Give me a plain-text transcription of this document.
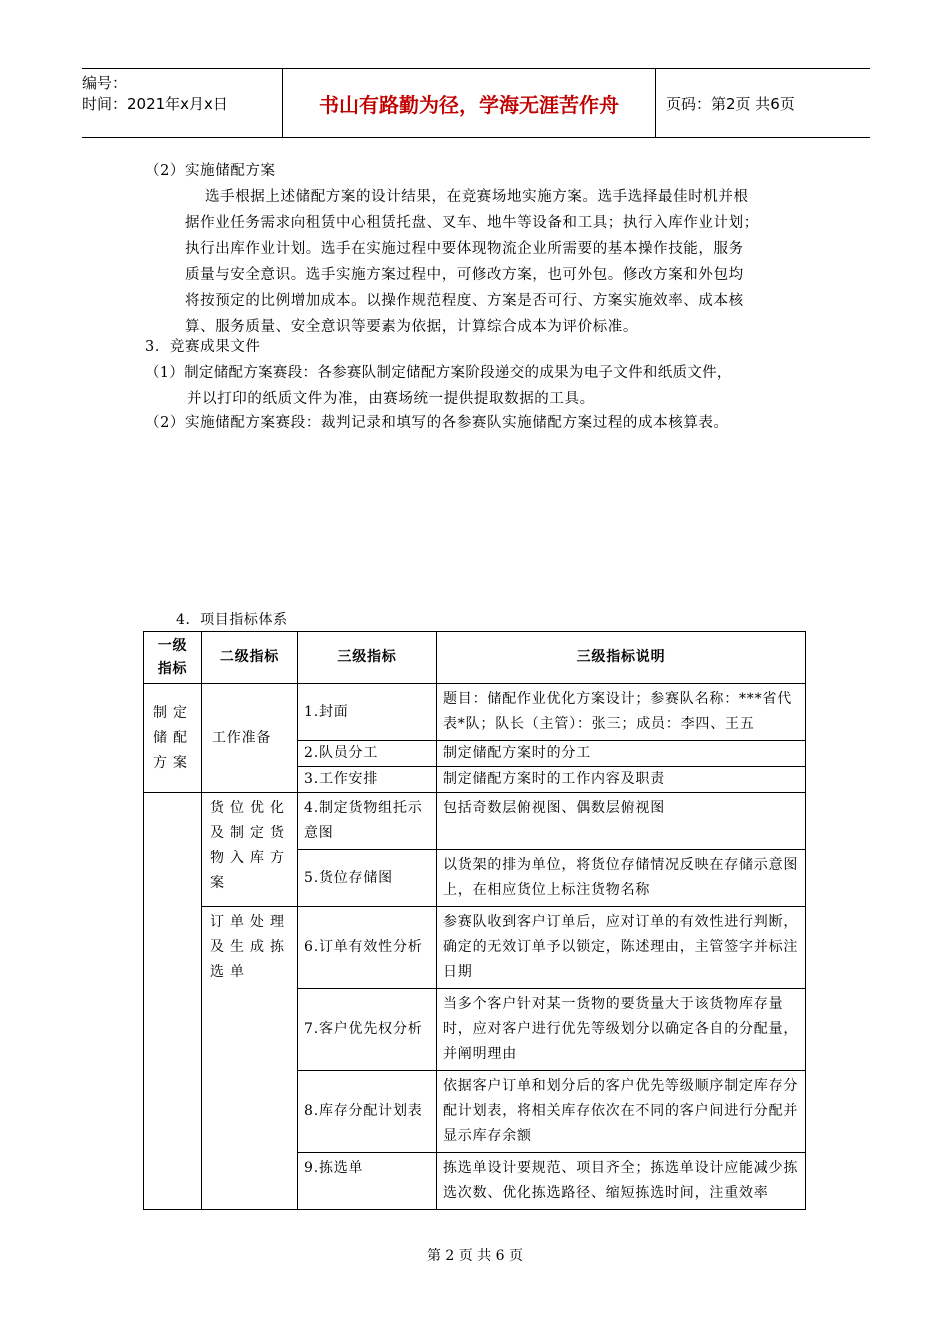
编号：
时间：2021年x月x日	书山有路勤为径，学海无涯苦作舟	页码：第2页 共6页
（2）实施储配方案
选手根据上述储配方案的设计结果，在竞赛场地实施方案。选手选择最佳时机并根
据作业任务需求向租赁中心租赁托盘、叉车、地牛等设备和工具；执行入库作业计划；
执行出库作业计划。选手在实施过程中要体现物流企业所需要的基本操作技能，服务
质量与安全意识。选手实施方案过程中，可修改方案，也可外包。修改方案和外包均
将按预定的比例增加成本。以操作规范程度、方案是否可行、方案实施效率、成本核
算、服务质量、安全意识等要素为依据，计算综合成本为评价标准。
3．竞赛成果文件
（1）制定储配方案赛段：各参赛队制定储配方案阶段递交的成果为电子文件和纸质文件，
并以打印的纸质文件为准，由赛场统一提供提取数据的工具。
（2）实施储配方案赛段：裁判记录和填写的各参赛队实施储配方案过程的成本核算表。
4．项目指标体系
一级指标	二级指标	三级指标	三级指标说明
制定储配方案	工作准备	1.封面	题目：储配作业优化方案设计；参赛队名称：***省代表*队；队长（主管）：张三；成员：李四、王五
		2.队员分工	制定储配方案时的分工
		3.工作安排	制定储配方案时的工作内容及职责
	货位优化及制定货物入库方案	4.制定货物组托示意图	包括奇数层俯视图、偶数层俯视图
		5.货位存储图	以货架的排为单位，将货位存储情况反映在存储示意图上，在相应货位上标注货物名称
	订单处理及生成拣选单	6.订单有效性分析	参赛队收到客户订单后，应对订单的有效性进行判断，确定的无效订单予以锁定，陈述理由，主管签字并标注日期
		7.客户优先权分析	当多个客户针对某一货物的要货量大于该货物库存量时，应对客户进行优先等级划分以确定各自的分配量，并阐明理由
		8.库存分配计划表	依据客户订单和划分后的客户优先等级顺序制定库存分配计划表，将相关库存依次在不同的客户间进行分配并显示库存余额
		9.拣选单	拣选单设计要规范、项目齐全；拣选单设计应能减少拣选次数、优化拣选路径、缩短拣选时间，注重效率
第 2 页 共 6 页
